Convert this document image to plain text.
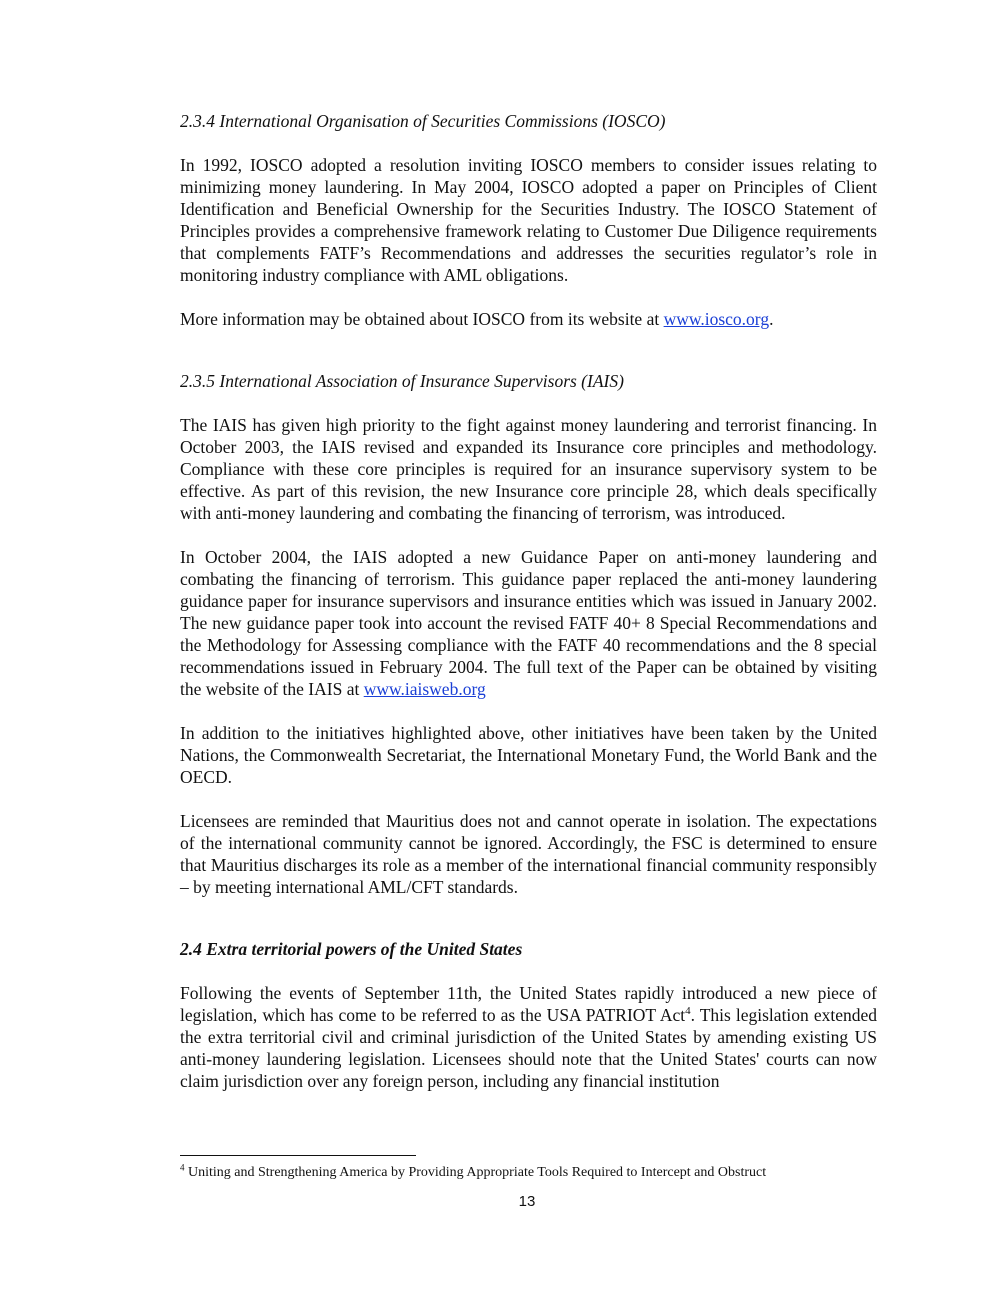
2.3.4 International Organisation of Securities Commissions (IOSCO)

In 1992, IOSCO adopted a resolution inviting IOSCO members to consider issues relating to minimizing money laundering. In May 2004, IOSCO adopted a paper on Principles of Client Identification and Beneficial Ownership for the Securities Industry. The IOSCO Statement of Principles provides a comprehensive framework relating to Customer Due Diligence requirements that complements FATF’s Recommendations and addresses the securities regulator’s role in monitoring industry compliance with AML obligations.

More information may be obtained about IOSCO from its website at www.iosco.org.

2.3.5 International Association of Insurance Supervisors (IAIS)

The IAIS has given high priority to the fight against money laundering and terrorist financing. In October 2003, the IAIS revised and expanded its Insurance core principles and methodology. Compliance with these core principles is required for an insurance supervisory system to be effective. As part of this revision, the new Insurance core principle 28, which deals specifically with anti-money laundering and combating the financing of terrorism, was introduced.

In October 2004, the IAIS adopted a new Guidance Paper on anti-money laundering and combating the financing of terrorism. This guidance paper replaced the anti-money laundering guidance paper for insurance supervisors and insurance entities which was issued in January 2002. The new guidance paper took into account the revised FATF 40+ 8 Special Recommendations and the Methodology for Assessing compliance with the FATF 40 recommendations and the 8 special recommendations issued in February 2004. The full text of the Paper can be obtained by visiting the website of the IAIS at www.iaisweb.org

In addition to the initiatives highlighted above, other initiatives have been taken by the United Nations, the Commonwealth Secretariat, the International Monetary Fund, the World Bank and the OECD.

Licensees are reminded that Mauritius does not and cannot operate in isolation. The expectations of the international community cannot be ignored. Accordingly, the FSC is determined to ensure that Mauritius discharges its role as a member of the international financial community responsibly – by meeting international AML/CFT standards.

2.4 Extra territorial powers of the United States

Following the events of September 11th, the United States rapidly introduced a new piece of legislation, which has come to be referred to as the USA PATRIOT Act$^4$. This legislation extended the extra territorial civil and criminal jurisdiction of the United States by amending existing US anti-money laundering legislation. Licensees should note that the United States' courts can now claim jurisdiction over any foreign person, including any financial institution

$^4$ Uniting and Strengthening America by Providing Appropriate Tools Required to Intercept and Obstruct
13
